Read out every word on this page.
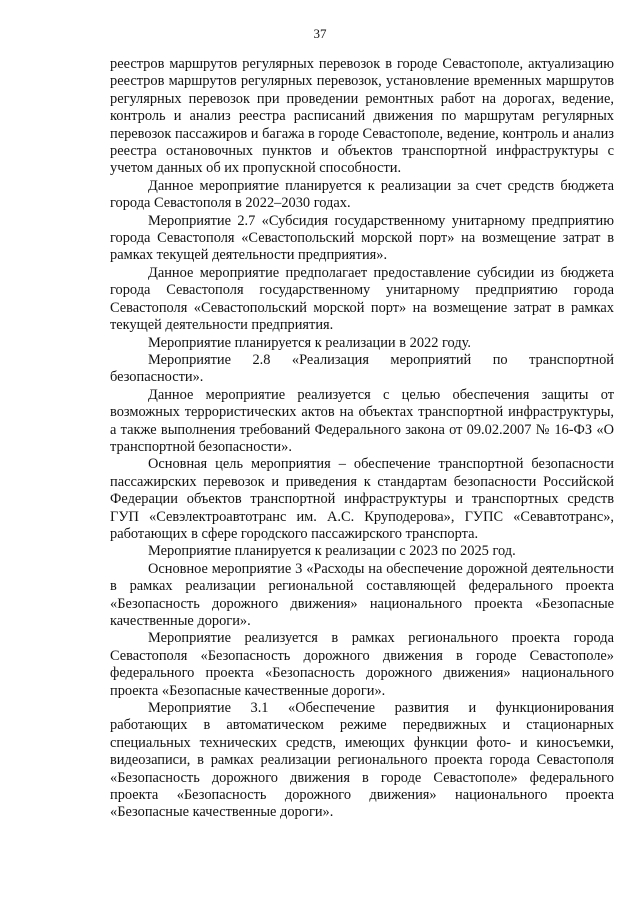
37

реестров маршрутов регулярных перевозок в городе Севастополе, актуализацию реестров маршрутов регулярных перевозок, установление временных маршрутов регулярных перевозок при проведении ремонтных работ на дорогах, ведение, контроль и анализ реестра расписаний движения по маршрутам регулярных перевозок пассажиров и багажа в городе Севастополе, ведение, контроль и анализ реестра остановочных пунктов и объектов транспортной инфраструктуры с учетом данных об их пропускной способности.

Данное мероприятие планируется к реализации за счет средств бюджета города Севастополя в 2022–2030 годах.

Мероприятие 2.7 «Субсидия государственному унитарному предприятию города Севастополя «Севастопольский морской порт» на возмещение затрат в рамках текущей деятельности предприятия».

Данное мероприятие предполагает предоставление субсидии из бюджета города Севастополя государственному унитарному предприятию города Севастополя «Севастопольский морской порт» на возмещение затрат в рамках текущей деятельности предприятия.

Мероприятие планируется к реализации в 2022 году.

Мероприятие 2.8 «Реализация мероприятий по транспортной безопасности».

Данное мероприятие реализуется с целью обеспечения защиты от возможных террористических актов на объектах транспортной инфраструктуры, а также выполнения требований Федерального закона от 09.02.2007 № 16-ФЗ «О транспортной безопасности».

Основная цель мероприятия – обеспечение транспортной безопасности пассажирских перевозок и приведения к стандартам безопасности Российской Федерации объектов транспортной инфраструктуры и транспортных средств ГУП «Севэлектроавтотранс им. А.С. Круподерова», ГУПС «Севавтотранс», работающих в сфере городского пассажирского транспорта.

Мероприятие планируется к реализации с 2023 по 2025 год.

Основное мероприятие 3 «Расходы на обеспечение дорожной деятельности в рамках реализации региональной составляющей федерального проекта «Безопасность дорожного движения» национального проекта «Безопасные качественные дороги».

Мероприятие реализуется в рамках регионального проекта города Севастополя «Безопасность дорожного движения в городе Севастополе» федерального проекта «Безопасность дорожного движения» национального проекта «Безопасные качественные дороги».

Мероприятие 3.1 «Обеспечение развития и функционирования работающих в автоматическом режиме передвижных и стационарных специальных технических средств, имеющих функции фото- и киносъемки, видеозаписи, в рамках реализации регионального проекта города Севастополя «Безопасность дорожного движения в городе Севастополе» федерального проекта «Безопасность дорожного движения» национального проекта «Безопасные качественные дороги».
